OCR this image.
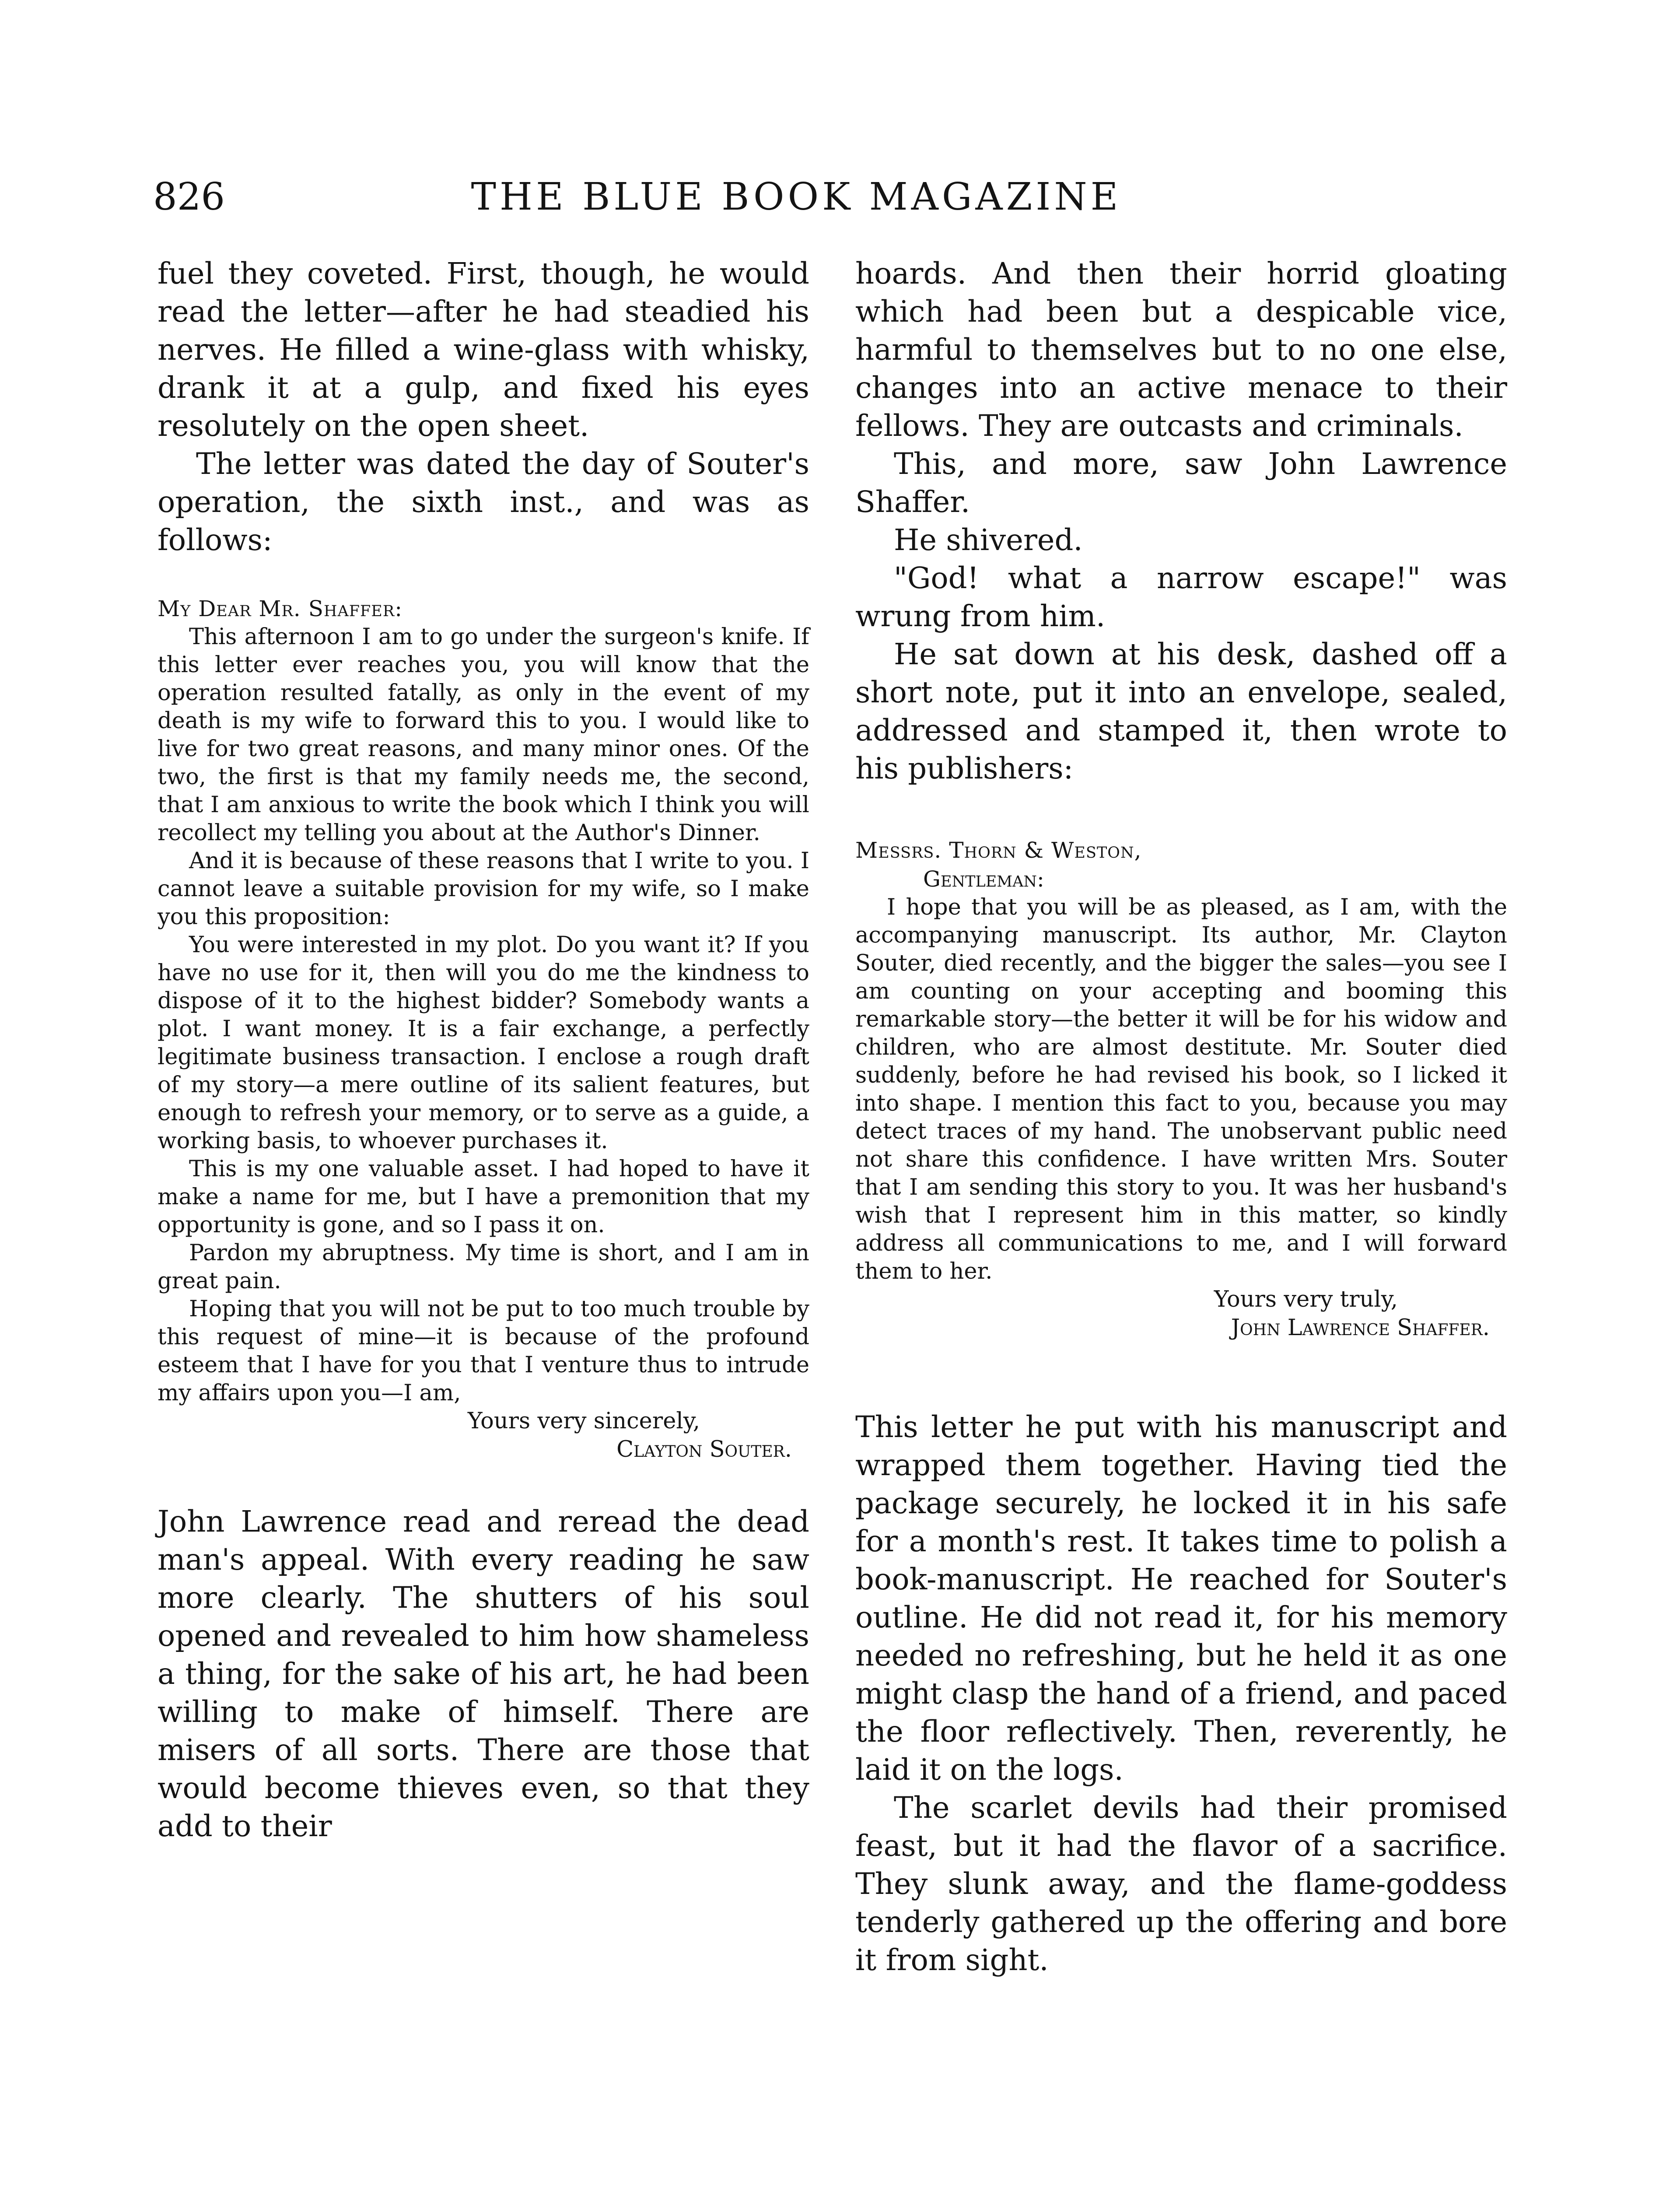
826	THE BLUE BOOK MAGAZINE

fuel they coveted. First, though, he would read the letter—after he had steadied his nerves. He filled a wine-glass with whisky, drank it at a gulp, and fixed his eyes resolutely on the open sheet.

The letter was dated the day of Souter's operation, the sixth inst., and was as follows:

My Dear Mr. Shaffer:

This afternoon I am to go under the surgeon's knife. If this letter ever reaches you, you will know that the operation resulted fatally, as only in the event of my death is my wife to forward this to you. I would like to live for two great reasons, and many minor ones. Of the two, the first is that my family needs me, the second, that I am anxious to write the book which I think you will recollect my telling you about at the Author's Dinner.

And it is because of these reasons that I write to you. I cannot leave a suitable provision for my wife, so I make you this proposition:

You were interested in my plot. Do you want it? If you have no use for it, then will you do me the kindness to dispose of it to the highest bidder? Somebody wants a plot. I want money. It is a fair exchange, a perfectly legitimate business transaction. I enclose a rough draft of my story—a mere outline of its salient features, but enough to refresh your memory, or to serve as a guide, a working basis, to whoever purchases it.

This is my one valuable asset. I had hoped to have it make a name for me, but I have a premonition that my opportunity is gone, and so I pass it on.

Pardon my abruptness. My time is short, and I am in great pain.

Hoping that you will not be put to too much trouble by this request of mine—it is because of the profound esteem that I have for you that I venture thus to intrude my affairs upon you—I am,

Yours very sincerely,

Clayton Souter.

John Lawrence read and reread the dead man's appeal. With every reading he saw more clearly. The shutters of his soul opened and revealed to him how shameless a thing, for the sake of his art, he had been willing to make of himself. There are misers of all sorts. There are those that would become thieves even, so that they add to their

hoards. And then their horrid gloating which had been but a despicable vice, harmful to themselves but to no one else, changes into an active menace to their fellows. They are outcasts and criminals.

This, and more, saw John Lawrence Shaffer.

He shivered.

"God! what a narrow escape!" was wrung from him.

He sat down at his desk, dashed off a short note, put it into an envelope, sealed, addressed and stamped it, then wrote to his publishers:

Messrs. Thorn & Weston,

Gentleman:

I hope that you will be as pleased, as I am, with the accompanying manuscript. Its author, Mr. Clayton Souter, died recently, and the bigger the sales—you see I am counting on your accepting and booming this remarkable story—the better it will be for his widow and children, who are almost destitute. Mr. Souter died suddenly, before he had revised his book, so I licked it into shape. I mention this fact to you, because you may detect traces of my hand. The unobservant public need not share this confidence. I have written Mrs. Souter that I am sending this story to you. It was her husband's wish that I represent him in this matter, so kindly address all communications to me, and I will forward them to her.

Yours very truly,

John Lawrence Shaffer.

This letter he put with his manuscript and wrapped them together. Having tied the package securely, he locked it in his safe for a month's rest. It takes time to polish a book-manuscript. He reached for Souter's outline. He did not read it, for his memory needed no refreshing, but he held it as one might clasp the hand of a friend, and paced the floor reflectively. Then, reverently, he laid it on the logs.

The scarlet devils had their promised feast, but it had the flavor of a sacrifice. They slunk away, and the flame-goddess tenderly gathered up the offering and bore it from sight.
